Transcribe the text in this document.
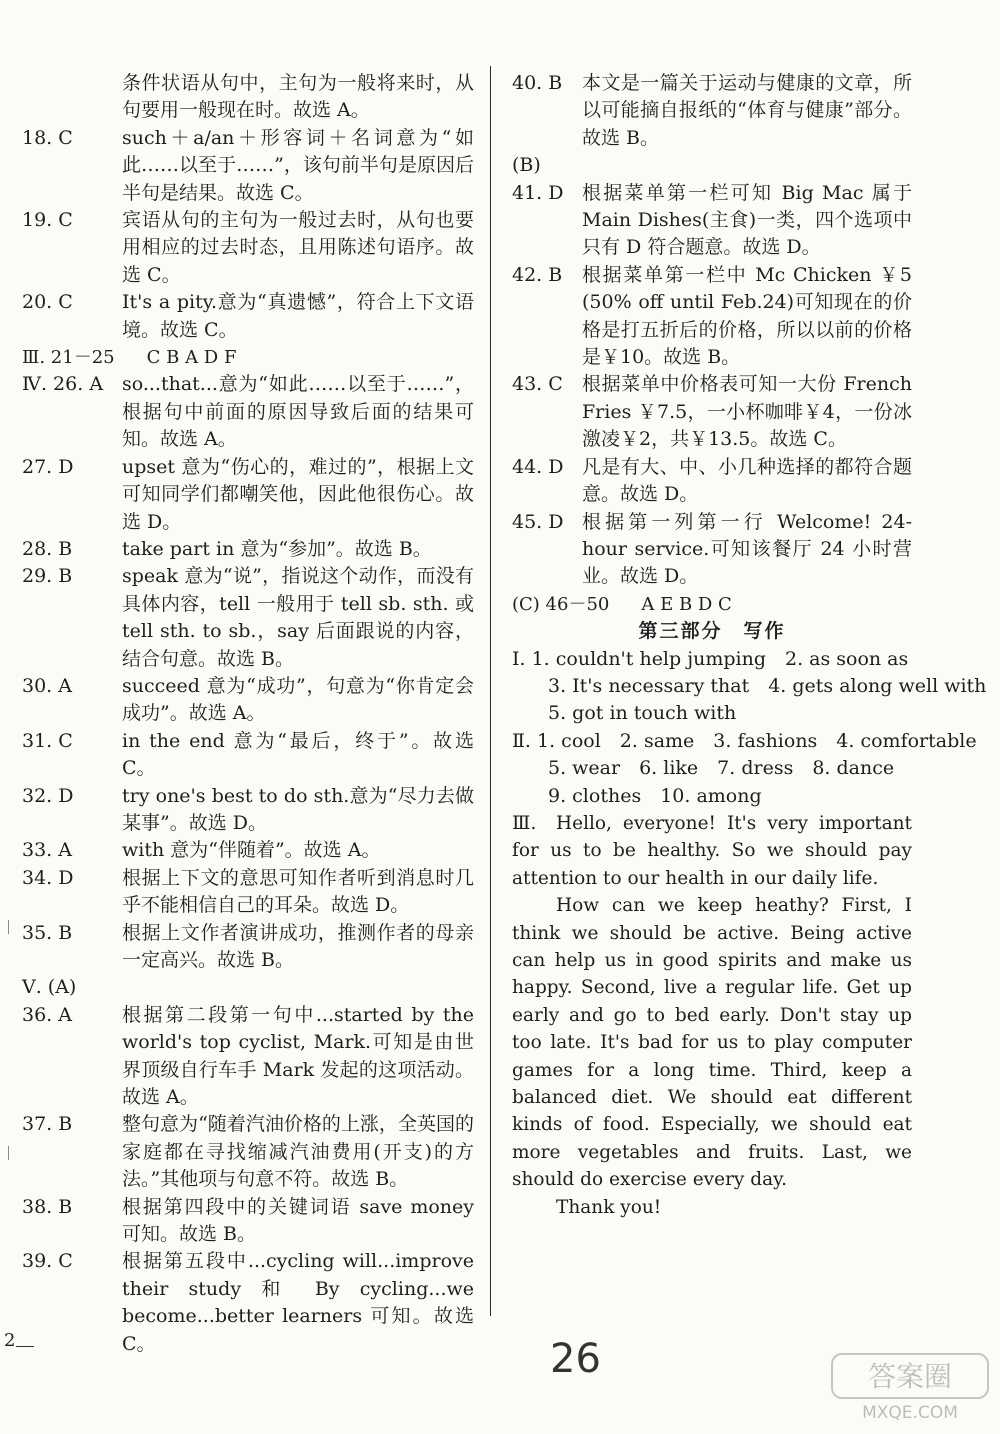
条件状语从句中，主句为一般将来时，从句要用一般现在时。故选 A。
18. C	such＋a/an＋形容词＋名词意为“如此……以至于……”，该句前半句是原因后半句是结果。故选 C。
19. C	宾语从句的主句为一般过去时，从句也要用相应的过去时态，且用陈述句语序。故选 C。
20. C	It's a pity.意为“真遗憾”，符合上下文语境。故选 C。
Ⅲ. 21－25　 C B A D F
Ⅳ. 26. A so...that...意为“如此……以至于……”，根据句中前面的原因导致后面的结果可知。故选 A。
27. D	upset 意为“伤心的，难过的”，根据上文可知同学们都嘲笑他，因此他很伤心。故选 D。
28. B	take part in 意为“参加”。故选 B。
29. B	speak 意为“说”，指说这个动作，而没有具体内容，tell 一般用于 tell sb. sth. 或 tell sth. to sb.，say 后面跟说的内容，结合句意。故选 B。
30. A	succeed 意为“成功”，句意为“你肯定会成功”。故选 A。
31. C	in the end 意为“最后，终于”。故选 C。
32. D	try one's best to do sth.意为“尽力去做某事”。故选 D。
33. A	with 意为“伴随着”。故选 A。
34. D	根据上下文的意思可知作者听到消息时几乎不能相信自己的耳朵。故选 D。
35. B	根据上文作者演讲成功，推测作者的母亲一定高兴。故选 B。
Ⅴ. (A)
36. A	根据第二段第一句中...started by the world's top cyclist, Mark.可知是由世界顶级自行车手 Mark 发起的这项活动。故选 A。
37. B	整句意为“随着汽油价格的上涨，全英国的家庭都在寻找缩减汽油费用(开支)的方法。”其他项与句意不符。故选 B。
38. B	根据第四段中的关键词语 save money 可知。故选 B。
39. C	根据第五段中...cycling will...improve their study 和 By cycling...we become...better learners 可知。故选 C。
40. B	本文是一篇关于运动与健康的文章，所以可能摘自报纸的“体育与健康”部分。故选 B。
(B)
41. D 根据菜单第一栏可知 Big Mac 属于 Main Dishes(主食)一类，四个选项中只有 D 符合题意。故选 D。
42. B	根据菜单第一栏中 Mc Chicken ￥5 (50% off until Feb.24)可知现在的价格是打五折后的价格，所以以前的价格是￥10。故选 B。
43. C	根据菜单中价格表可知一大份 French Fries ￥7.5，一小杯咖啡￥4，一份冰激凌￥2，共￥13.5。故选 C。
44. D 凡是有大、中、小几种选择的都符合题意。故选 D。
45. D 根据第一列第一行 Welcome! 24-hour service.可知该餐厅 24 小时营业。故选 D。
(C) 46－50　 A E B D C
第三部分　写作
Ⅰ. 1. couldn't help jumping　2. as soon as
3. It's necessary that　4. gets along well with
5. got in touch with
Ⅱ. 1. cool　2. same　3. fashions　4. comfortable
5. wear　6. like　7. dress　8. dance
9. clothes　10. among
Ⅲ.	Hello, everyone! It's very important for us to be healthy. So we should pay attention to our health in our daily life.

How can we keep heathy? First, I think we should be active. Being active can help us in good spirits and make us happy. Second, live a regular life. Get up early and go to bed early. Don't stay up too late. It's bad for us to play computer games for a long time. Third, keep a balanced diet. We should eat different kinds of food. Especially, we should eat more vegetables and fruits. Last, we should do exercise every day.

Thank you!

2	26	答案圈
MXQE.COM
